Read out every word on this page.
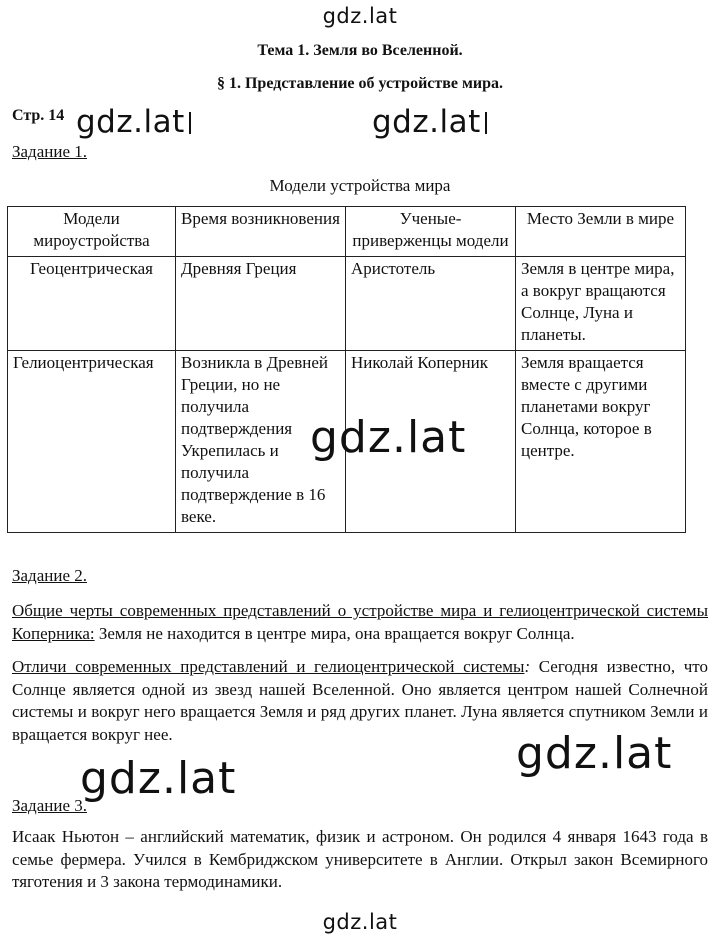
gdz.lat
Тема 1. Земля во Вселенной.
§ 1. Представление об устройстве мира.
Стр. 14 gdz.lat	gdz.lat
Задание 1.
Модели устройства мира
Модели мироустройства	Время возникновения	Ученые-приверженцы модели	Место Земли в мире
Геоцентрическая	Древняя Греция	Аристотель	Земля в центре мира, а вокруг вращаются Солнце, Луна и планеты.
Гелиоцентрическая	Возникла в Древней Греции, но не получила подтверждения Укрепилась и получила подтверждение в 16 веке.	Николай Коперник	Земля вращается вместе с другими планетами вокруг Солнца, которое в центре.
gdz.lat
Задание 2.
Общие черты современных представлений о устройстве мира и гелиоцентрической системы Коперника: Земля не находится в центре мира, она вращается вокруг Солнца.
Отличи современных представлений и гелиоцентрической системы: Сегодня известно, что Солнце является одной из звезд нашей Вселенной. Оно является центром нашей Солнечной системы и вокруг него вращается Земля и ряд других планет. Луна является спутником Земли и вращается вокруг нее.	gdz.lat
gdz.lat
Задание 3.
Исаак Ньютон – английский математик, физик и астроном. Он родился 4 января 1643 года в семье фермера. Учился в Кембриджском университете в Англии. Открыл закон Всемирного тяготения и 3 закона термодинамики.
gdz.lat
